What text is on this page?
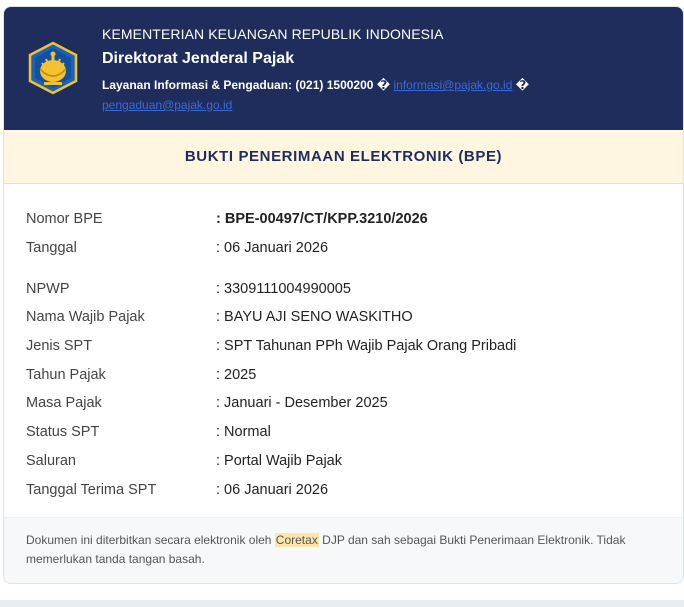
KEMENTERIAN KEUANGAN REPUBLIK INDONESIA
Direktorat Jenderal Pajak
Layanan Informasi & Pengaduan: (021) 1500200 � informasi@pajak.go.id �
pengaduan@pajak.go.id
BUKTI PENERIMAAN ELEKTRONIK (BPE)
Nomor BPE	: BPE-00497/CT/KPP.3210/2026
Tanggal	: 06 Januari 2026
NPWP	: 3309111004990005
Nama Wajib Pajak	: BAYU AJI SENO WASKITHO
Jenis SPT	: SPT Tahunan PPh Wajib Pajak Orang Pribadi
Tahun Pajak	: 2025
Masa Pajak	: Januari - Desember 2025
Status SPT	: Normal
Saluran	: Portal Wajib Pajak
Tanggal Terima SPT	: 06 Januari 2026
Dokumen ini diterbitkan secara elektronik oleh Coretax DJP dan sah sebagai Bukti Penerimaan Elektronik. Tidak memerlukan tanda tangan basah.
